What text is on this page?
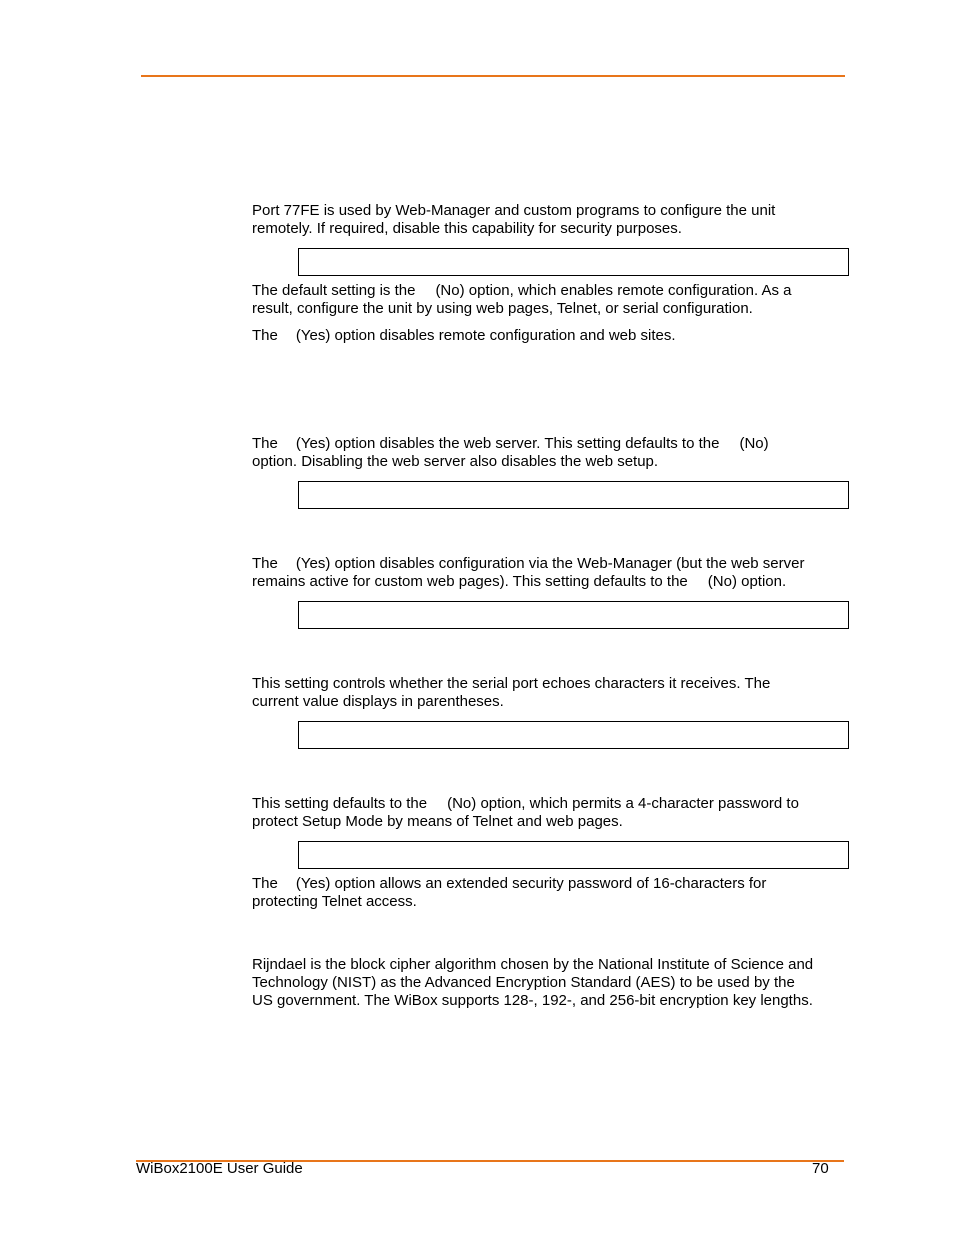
Port 77FE is used by Web-Manager and custom programs to configure the unit
remotely. If required, disable this capability for security purposes.
The default setting is the (No) option, which enables remote configuration. As a
result, configure the unit by using web pages, Telnet, or serial configuration.
The (Yes) option disables remote configuration and web sites.
The (Yes) option disables the web server. This setting defaults to the (No)
option. Disabling the web server also disables the web setup.
The (Yes) option disables configuration via the Web-Manager (but the web server
remains active for custom web pages). This setting defaults to the (No) option.
This setting controls whether the serial port echoes characters it receives. The
current value displays in parentheses.
This setting defaults to the (No) option, which permits a 4-character password to
protect Setup Mode by means of Telnet and web pages.
The (Yes) option allows an extended security password of 16-characters for
protecting Telnet access.
Rijndael is the block cipher algorithm chosen by the National Institute of Science and
Technology (NIST) as the Advanced Encryption Standard (AES) to be used by the
US government. The WiBox supports 128-, 192-, and 256-bit encryption key lengths.
WiBox2100E User Guide	70
